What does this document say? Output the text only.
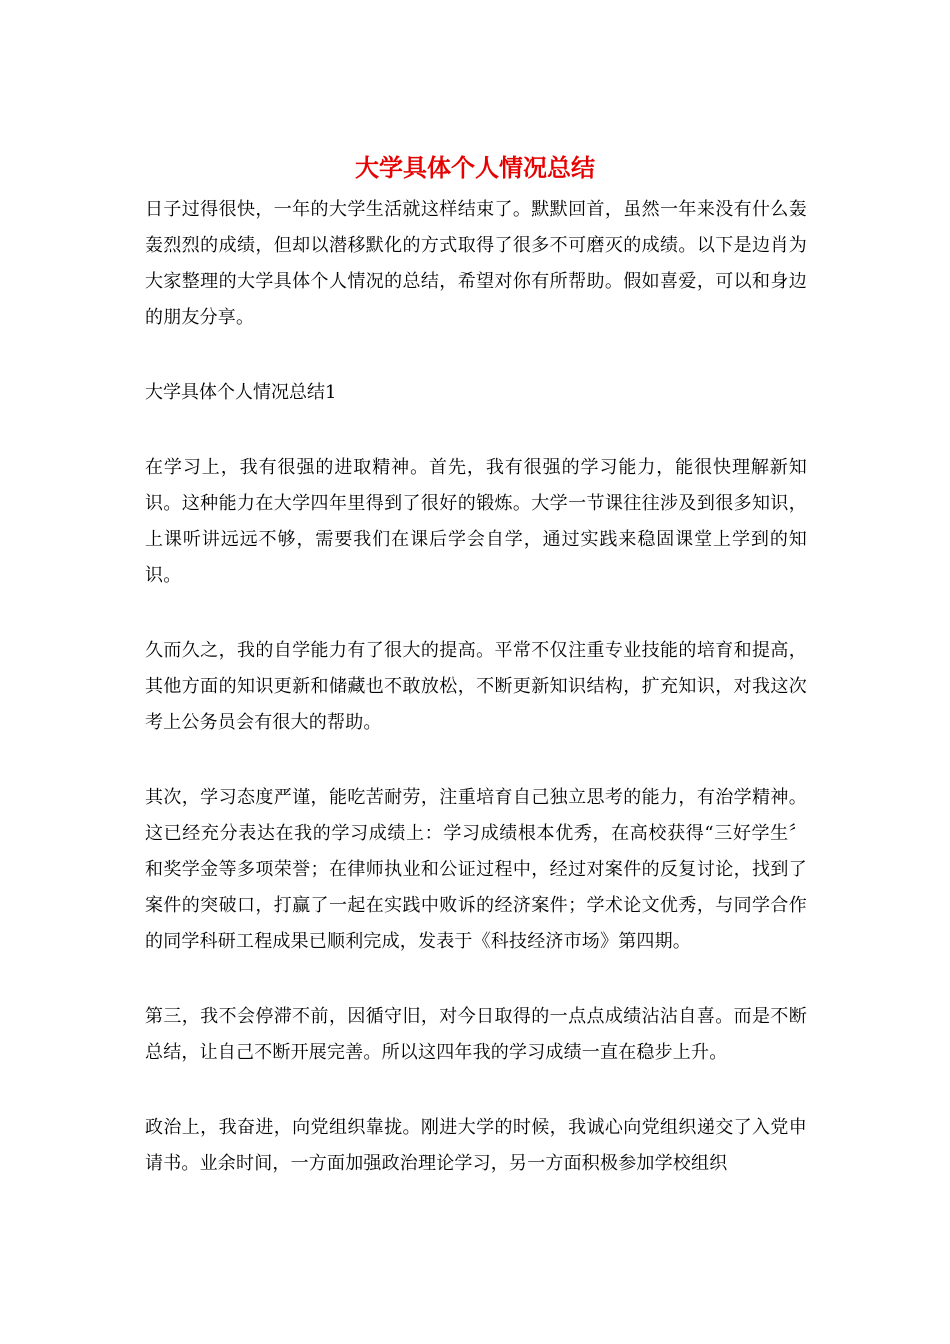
大学具体个人情况总结

日子过得很快，一年的大学生活就这样结束了。默默回首，虽然一年来没有什么轰轰烈烈的成绩，但却以潜移默化的方式取得了很多不可磨灭的成绩。以下是边肖为大家整理的大学具体个人情况的总结，希望对你有所帮助。假如喜爱，可以和身边的朋友分享。

大学具体个人情况总结1

在学习上，我有很强的进取精神。首先，我有很强的学习能力，能很快理解新知识。这种能力在大学四年里得到了很好的锻炼。大学一节课往往涉及到很多知识，上课听讲远远不够，需要我们在课后学会自学，通过实践来稳固课堂上学到的知识。

久而久之，我的自学能力有了很大的提高。平常不仅注重专业技能的培育和提高，其他方面的知识更新和储藏也不敢放松，不断更新知识结构，扩充知识，对我这次考上公务员会有很大的帮助。

其次，学习态度严谨，能吃苦耐劳，注重培育自己独立思考的能力，有治学精神。这已经充分表达在我的学习成绩上：学习成绩根本优秀，在高校获得“三好学生〞和奖学金等多项荣誉；在律师执业和公证过程中，经过对案件的反复讨论，找到了案件的突破口，打赢了一起在实践中败诉的经济案件；学术论文优秀，与同学合作的同学科研工程成果已顺利完成，发表于《科技经济市场》第四期。

第三，我不会停滞不前，因循守旧，对今日取得的一点点成绩沾沾自喜。而是不断总结，让自己不断开展完善。所以这四年我的学习成绩一直在稳步上升。

政治上，我奋进，向党组织靠拢。刚进大学的时候，我诚心向党组织递交了入党申请书。业余时间，一方面加强政治理论学习，另一方面积极参加学校组织
